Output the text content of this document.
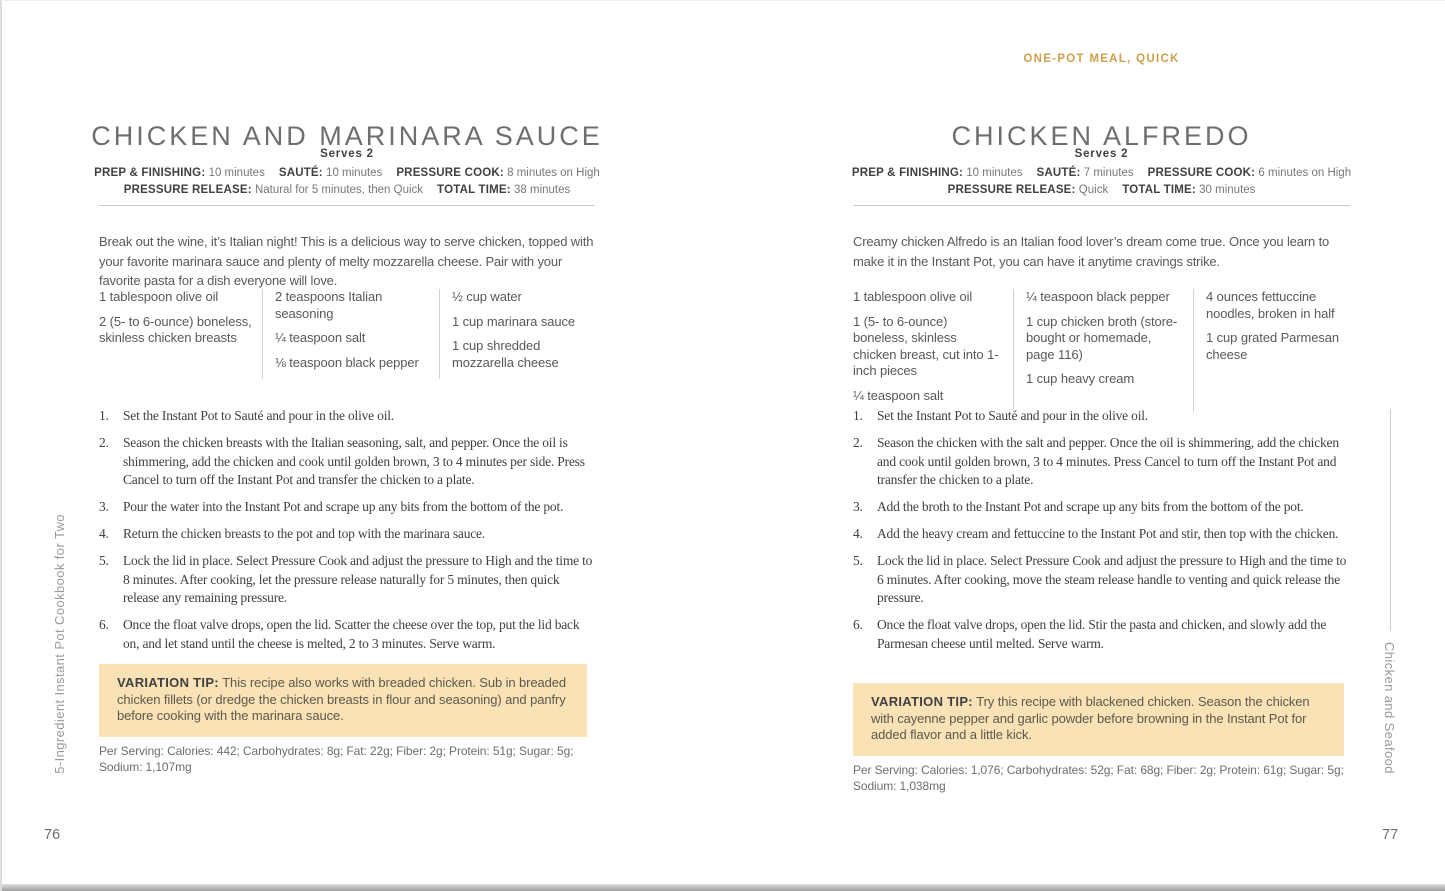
CHICKEN AND MARINARA SAUCE
Serves 2
PREP & FINISHING: 10 minutes SAUTÉ: 10 minutes PRESSURE COOK: 8 minutes on High
PRESSURE RELEASE: Natural for 5 minutes, then Quick TOTAL TIME: 38 minutes

Break out the wine, it’s Italian night! This is a delicious way to serve chicken, topped with your favorite marinara sauce and plenty of melty mozzarella cheese. Pair with your favorite pasta for a dish everyone will love.

1 tablespoon olive oil

2 (5- to 6-ounce) boneless, skinless chicken breasts

2 teaspoons Italian seasoning

¼ teaspoon salt

⅛ teaspoon black pepper

½ cup water

1 cup marinara sauce

1 cup shredded mozzarella cheese

1.	Set the Instant Pot to Sauté and pour in the olive oil.
2.	Season the chicken breasts with the Italian seasoning, salt, and pepper. Once the oil is shimmering, add the chicken and cook until golden brown, 3 to 4 minutes per side. Press Cancel to turn off the Instant Pot and transfer the chicken to a plate.
3.	Pour the water into the Instant Pot and scrape up any bits from the bottom of the pot.
4.	Return the chicken breasts to the pot and top with the marinara sauce.
5.	Lock the lid in place. Select Pressure Cook and adjust the pressure to High and the time to 8 minutes. After cooking, let the pressure release naturally for 5 minutes, then quick release any remaining pressure.
6.	Once the float valve drops, open the lid. Scatter the cheese over the top, put the lid back on, and let stand until the cheese is melted, 2 to 3 minutes. Serve warm.
VARIATION TIP: This recipe also works with breaded chicken. Sub in breaded chicken fillets (or dredge the chicken breasts in flour and seasoning) and panfry before cooking with the marinara sauce.

Per Serving: Calories: 442; Carbohydrates: 8g; Fat: 22g; Fiber: 2g; Protein: 51g; Sugar: 5g; Sodium: 1,107mg

ONE-POT MEAL, QUICK
CHICKEN ALFREDO
Serves 2
PREP & FINISHING: 10 minutes SAUTÉ: 7 minutes PRESSURE COOK: 6 minutes on High
PRESSURE RELEASE: Quick TOTAL TIME: 30 minutes

Creamy chicken Alfredo is an Italian food lover’s dream come true. Once you learn to make it in the Instant Pot, you can have it anytime cravings strike.

1 tablespoon olive oil

1 (5- to 6-ounce) boneless, skinless chicken breast, cut into 1-inch pieces

¼ teaspoon salt

¼ teaspoon black pepper

1 cup chicken broth (store-bought or homemade, page 116)

1 cup heavy cream

4 ounces fettuccine noodles, broken in half

1 cup grated Parmesan cheese

1.	Set the Instant Pot to Sauté and pour in the olive oil.
2.	Season the chicken with the salt and pepper. Once the oil is shimmering, add the chicken and cook until golden brown, 3 to 4 minutes. Press Cancel to turn off the Instant Pot and transfer the chicken to a plate.
3.	Add the broth to the Instant Pot and scrape up any bits from the bottom of the pot.
4.	Add the heavy cream and fettuccine to the Instant Pot and stir, then top with the chicken.
5.	Lock the lid in place. Select Pressure Cook and adjust the pressure to High and the time to 6 minutes. After cooking, move the steam release handle to venting and quick release the pressure.
6.	Once the float valve drops, open the lid. Stir the pasta and chicken, and slowly add the Parmesan cheese until melted. Serve warm.
VARIATION TIP: Try this recipe with blackened chicken. Season the chicken with cayenne pepper and garlic powder before browning in the Instant Pot for added flavor and a little kick.

Per Serving: Calories: 1,076; Carbohydrates: 52g; Fat: 68g; Fiber: 2g; Protein: 61g; Sugar: 5g; Sodium: 1,038mg

5-Ingredient Instant Pot Cookbook for Two	Chicken and Seafood
76	77
